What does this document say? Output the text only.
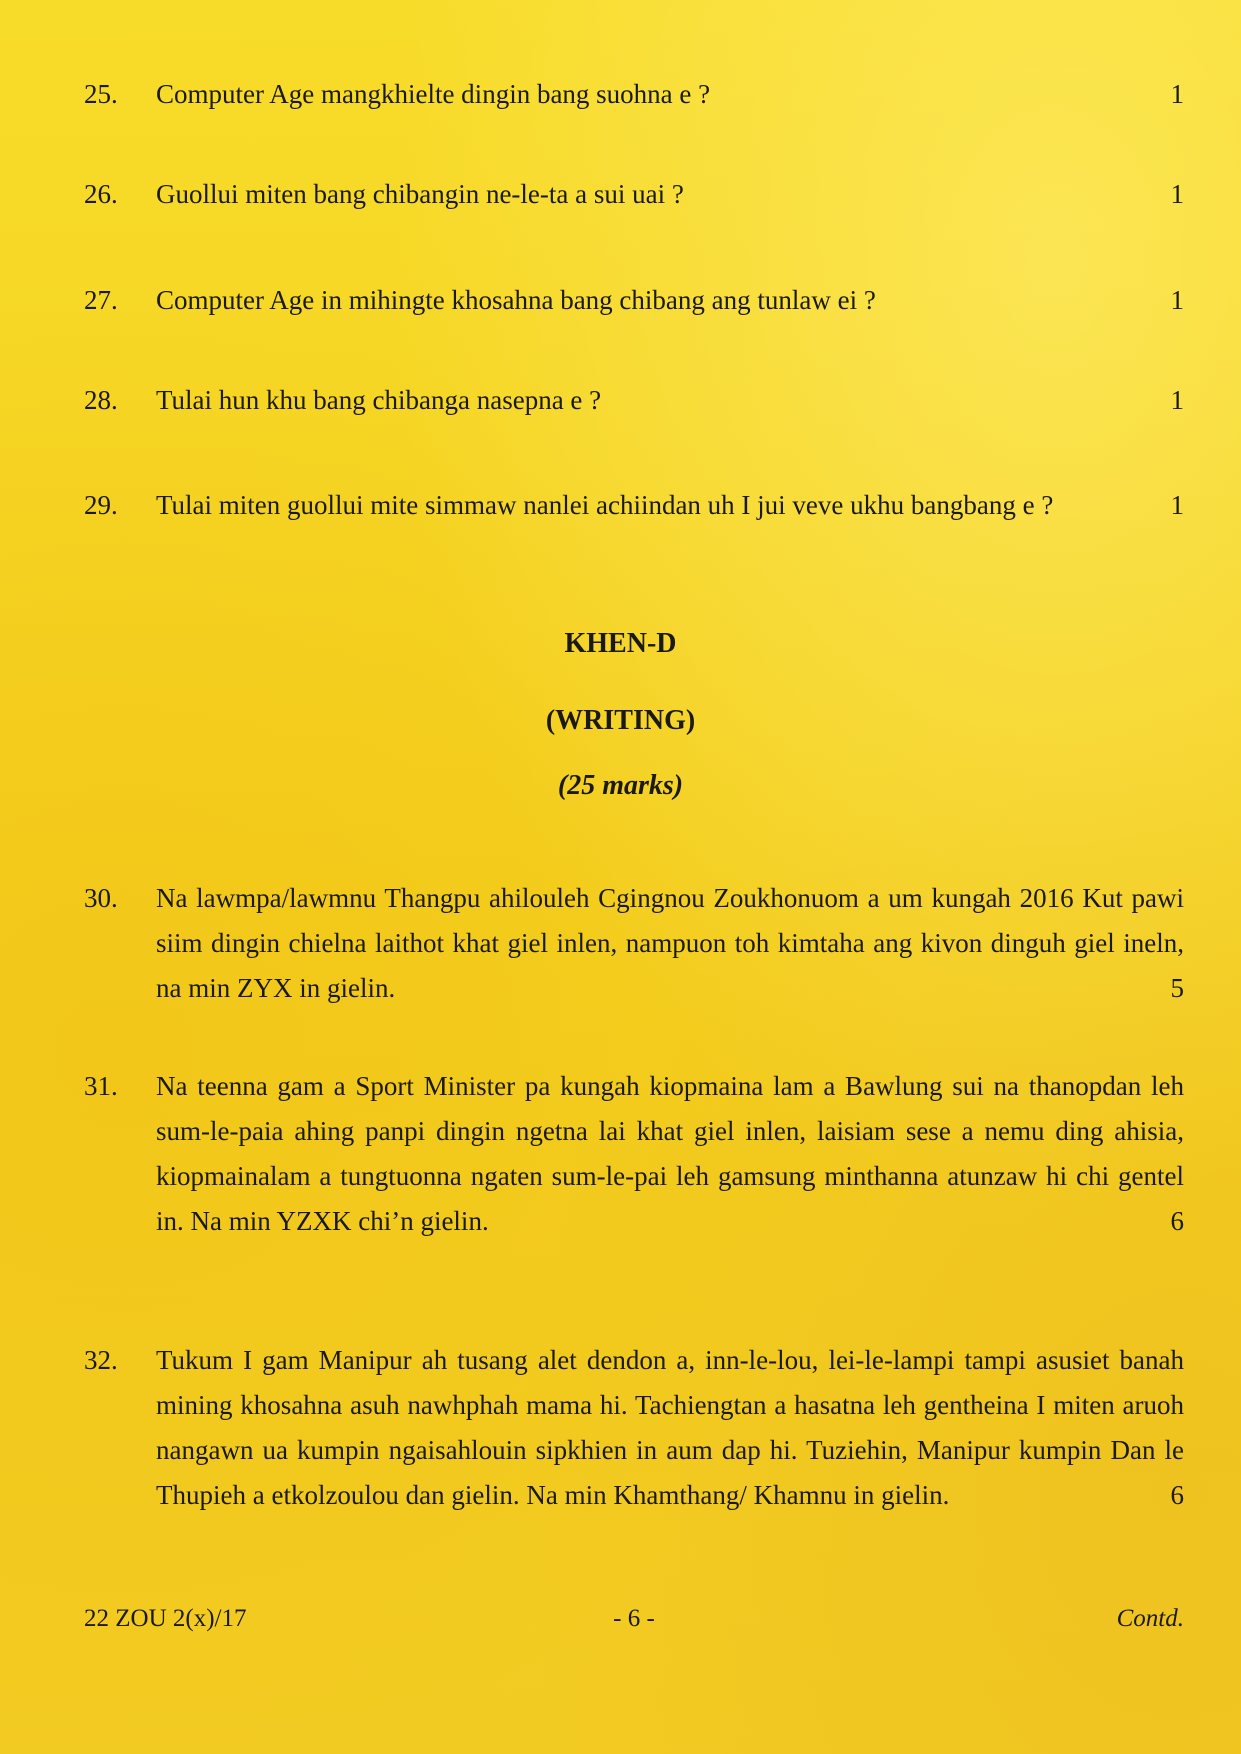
25.	Computer Age mangkhielte dingin bang suohna e ?	1
26.	Guollui miten bang chibangin ne-le-ta a sui uai ?	1
27.	Computer Age in mihingte khosahna bang chibang ang tunlaw ei ?	1
28.	Tulai hun khu bang chibanga nasepna e ?	1
29.	Tulai miten guollui mite simmaw nanlei achiindan uh I jui veve ukhu bangbang e ?	1
KHEN-D
(WRITING)
(25 marks)
30.	Na lawmpa/lawmnu Thangpu ahilouleh Cgingnou Zoukhonuom a um kungah 2016 Kut pawi siim dingin chielna laithot khat giel inlen, nampuon toh kimtaha ang kivon dinguh giel ineln, na min ZYX in gielin.	5
31.	Na teenna gam a Sport Minister pa kungah kiopmaina lam a Bawlung sui na thanopdan leh sum-le-paia ahing panpi dingin ngetna lai khat giel inlen, laisiam sese a nemu ding ahisia, kiopmainalam a tungtuonna ngaten sum-le-pai leh gamsung minthanna atunzaw hi chi gentel in. Na min YZXK chi’n gielin.	6
32.	Tukum I gam Manipur ah tusang alet dendon a, inn-le-lou, lei-le-lampi tampi asusiet banah mining khosahna asuh nawhphah mama hi. Tachiengtan a hasatna leh gentheina I miten aruoh nangawn ua kumpin ngaisahlouin sipkhien in aum dap hi. Tuziehin, Manipur kumpin Dan le Thupieh a etkolzoulou dan gielin. Na min Khamthang/ Khamnu in gielin.	6
22 ZOU 2(x)/17	- 6 -	Contd.
